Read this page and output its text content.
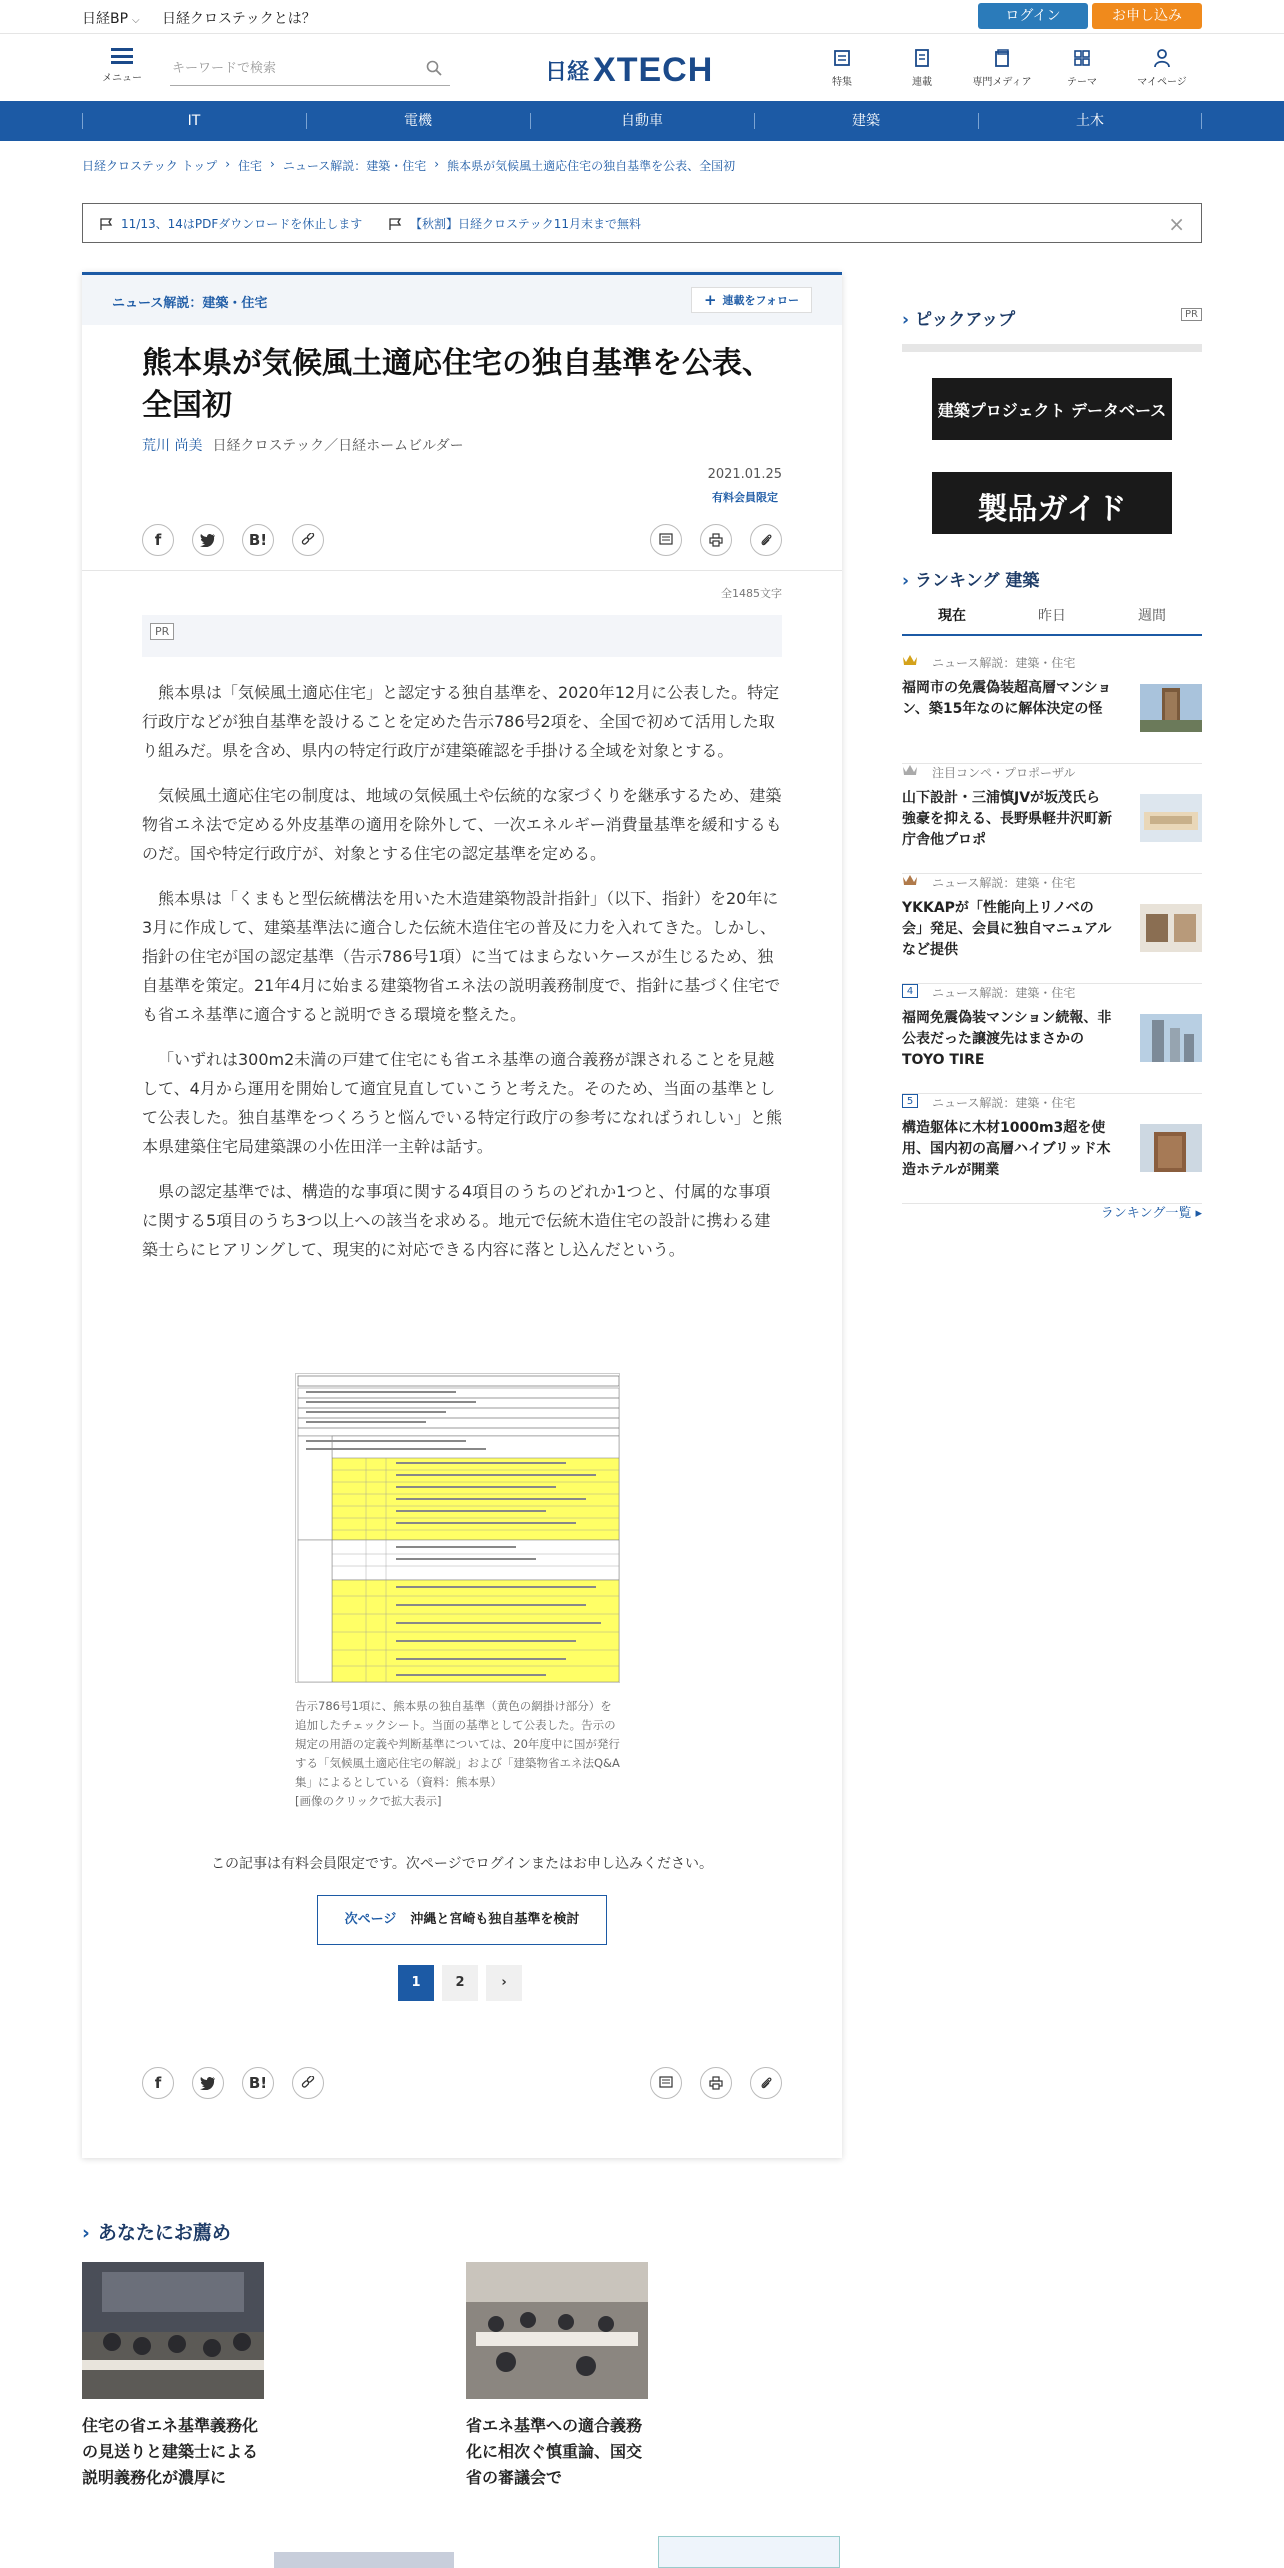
日経BP ⌵ 日経クロステックとは？	ログイン	お申し込み
メニュー
キーワードで検索	日経 XTECH	特集	連載	専門メディア	テーマ	マイページ
IT	電機	自動車	建築	土木
日経クロステック トップ › 住宅 › ニュース解説：建築・住宅 › 熊本県が気候風土適応住宅の独自基準を公表、全国初
11/13、14はPDFダウンロードを休止します	【秋割】日経クロステック11月末まで無料	×
ニュース解説：建築・住宅	+ 連載をフォロー
熊本県が気候風土適応住宅の独自基準を公表、全国初
荒川 尚美 日経クロステック／日経ホームビルダー
2021.01.25
有料会員限定
f	B!
全1485文字
PR

熊本県は「気候風土適応住宅」と認定する独自基準を、2020年12月に公表した。特定行政庁などが独自基準を設けることを定めた告示786号2項を、全国で初めて活用した取り組みだ。県を含め、県内の特定行政庁が建築確認を手掛ける全域を対象とする。

気候風土適応住宅の制度は、地域の気候風土や伝統的な家づくりを継承するため、建築物省エネ法で定める外皮基準の適用を除外して、一次エネルギー消費量基準を緩和するものだ。国や特定行政庁が、対象とする住宅の認定基準を定める。

熊本県は「くまもと型伝統構法を用いた木造建築物設計指針」（以下、指針）を20年に3月に作成して、建築基準法に適合した伝統木造住宅の普及に力を入れてきた。しかし、指針の住宅が国の認定基準（告示786号1項）に当てはまらないケースが生じるため、独自基準を策定。21年4月に始まる建築物省エネ法の説明義務制度で、指針に基づく住宅でも省エネ基準に適合すると説明できる環境を整えた。

「いずれは300m2未満の戸建て住宅にも省エネ基準の適合義務が課されることを見越して、4月から運用を開始して適宜見直していこうと考えた。そのため、当面の基準として公表した。独自基準をつくろうと悩んでいる特定行政庁の参考になればうれしい」と熊本県建築住宅局建築課の小佐田洋一主幹は話す。

県の認定基準では、構造的な事項に関する4項目のうちのどれか1つと、付属的な事項に関する5項目のうち3つ以上への該当を求める。地元で伝統木造住宅の設計に携わる建築士らにヒアリングして、現実的に対応できる内容に落とし込んだという。

告示786号1項に、熊本県の独自基準（黄色の網掛け部分）を追加したチェックシート。当面の基準として公表した。告示の規定の用語の定義や判断基準については、20年度中に国が発行する「気候風土適応住宅の解説」および「建築物省エネ法Q&A集」によるとしている（資料：熊本県）
[画像のクリックで拡大表示]
この記事は有料会員限定です。次ページでログインまたはお申し込みください。
次ページ 沖縄と宮崎も独自基準を検討
1	2	›
f	B!
› ピックアップ	PR
建築プロジェクト データベース
製品ガイド
› ランキング 建築
現在	昨日	週間
ニュース解説：建築・住宅
福岡市の免震偽装超高層マンション、築15年なのに解体決定の怪
注目コンペ・プロポーザル
山下設計・三浦慎JVが坂茂氏ら強豪を抑える、長野県軽井沢町新庁舎他プロポ
ニュース解説：建築・住宅
YKKAPが「性能向上リノベの会」発足、会員に独自マニュアルなど提供
4	ニュース解説：建築・住宅
福岡免震偽装マンション続報、非公表だった譲渡先はまさかのTOYO TIRE
5	ニュース解説：建築・住宅
構造躯体に木材1000m3超を使用、国内初の高層ハイブリッド木造ホテルが開業
ランキング一覧 ▸
› あなたにお薦め
住宅の省エネ基準義務化の見送りと建築士による説明義務化が濃厚に
省エネ基準への適合義務化に相次ぐ慎重論、国交省の審議会で
